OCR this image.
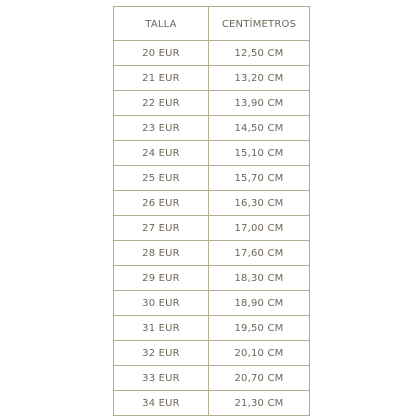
TALLA	CENTÍMETROS
20 EUR	12,50 CM
21 EUR	13,20 CM
22 EUR	13,90 CM
23 EUR	14,50 CM
24 EUR	15,10 CM
25 EUR	15,70 CM
26 EUR	16,30 CM
27 EUR	17,00 CM
28 EUR	17,60 CM
29 EUR	18,30 CM
30 EUR	18,90 CM
31 EUR	19,50 CM
32 EUR	20,10 CM
33 EUR	20,70 CM
34 EUR	21,30 CM
